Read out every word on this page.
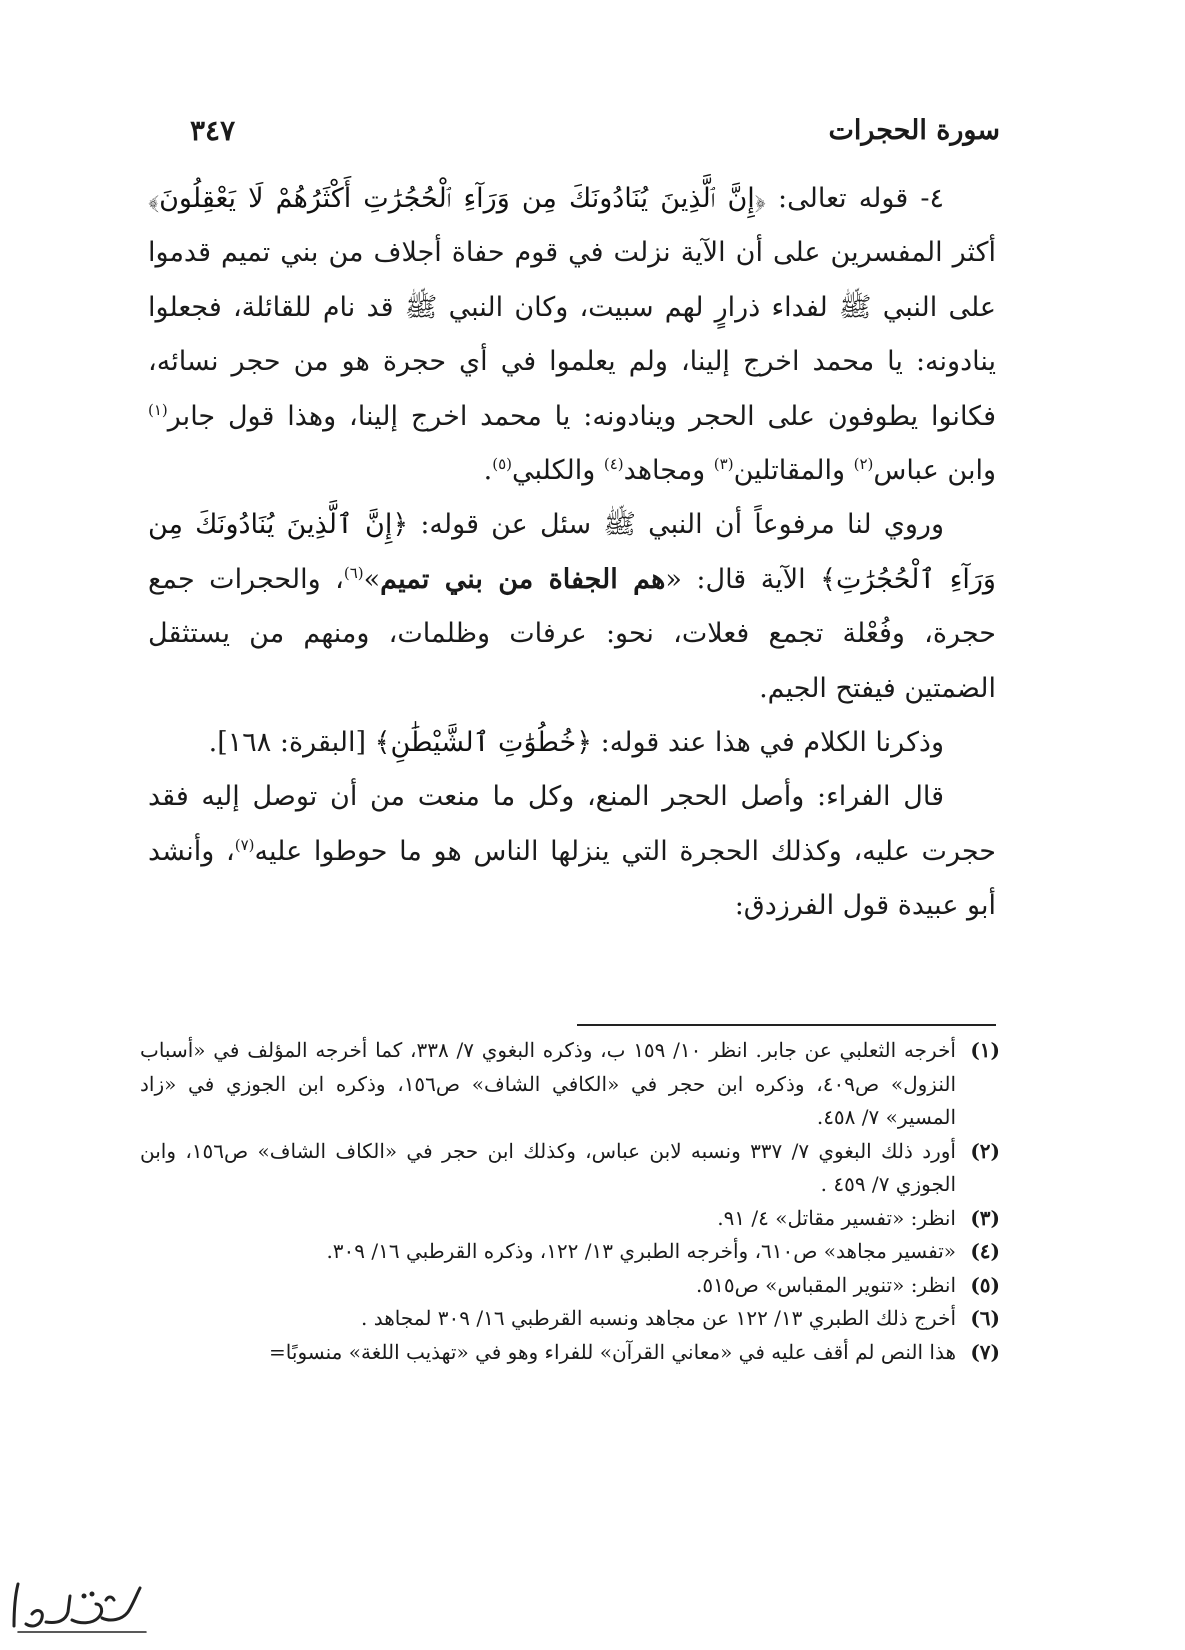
سورة الحجرات
٣٤٧

٤- قوله تعالى: ﴿إِنَّ ٱلَّذِينَ يُنَادُونَكَ مِن وَرَآءِ ٱلْحُجُرَٰتِ أَكْثَرُهُمْ لَا يَعْقِلُونَ﴾ أكثر المفسرين على أن الآية نزلت في قوم حفاة أجلاف من بني تميم قدموا على النبي ﷺ لفداء ذرارٍ لهم سبيت، وكان النبي ﷺ قد نام للقائلة، فجعلوا ينادونه: يا محمد اخرج إلينا، ولم يعلموا في أي حجرة هو من حجر نسائه، فكانوا يطوفون على الحجر وينادونه: يا محمد اخرج إلينا، وهذا قول جابر$^{(١)}$ وابن عباس$^{(٢)}$ والمقاتلين$^{(٣)}$ ومجاهد$^{(٤)}$ والكلبي$^{(٥)}$.

وروي لنا مرفوعاً أن النبي ﷺ سئل عن قوله: ﴿إِنَّ ٱلَّذِينَ يُنَادُونَكَ مِن وَرَآءِ ٱلْحُجُرَٰتِ﴾ الآية قال: «هم الجفاة من بني تميم»$^{(٦)}$، والحجرات جمع حجرة، وفُعْلة تجمع فعلات، نحو: عرفات وظلمات، ومنهم من يستثقل الضمتين فيفتح الجيم.

وذكرنا الكلام في هذا عند قوله: ﴿خُطُوَٰتِ ٱلشَّيْطَٰنِ﴾ [البقرة: ١٦٨].

قال الفراء: وأصل الحجر المنع، وكل ما منعت من أن توصل إليه فقد حجرت عليه، وكذلك الحجرة التي ينزلها الناس هو ما حوطوا عليه$^{(٧)}$، وأنشد أبو عبيدة قول الفرزدق:

(١)
أخرجه الثعلبي عن جابر. انظر ١٠/ ١٥٩ ب، وذكره البغوي ٧/ ٣٣٨، كما أخرجه المؤلف في «أسباب النزول» ص٤٠٩، وذكره ابن حجر في «الكافي الشاف» ص١٥٦، وذكره ابن الجوزي في «زاد المسير» ٧/ ٤٥٨.
(٢)
أورد ذلك البغوي ٧/ ٣٣٧ ونسبه لابن عباس، وكذلك ابن حجر في «الكاف الشاف» ص١٥٦، وابن الجوزي ٧/ ٤٥٩ .
(٣)
انظر: «تفسير مقاتل» ٤/ ٩١.
(٤)
«تفسير مجاهد» ص٦١٠، وأخرجه الطبري ١٣/ ١٢٢، وذكره القرطبي ١٦/ ٣٠٩.
(٥)
انظر: «تنوير المقباس» ص٥١٥.
(٦)
أخرج ذلك الطبري ١٣/ ١٢٢ عن مجاهد ونسبه القرطبي ١٦/ ٣٠٩ لمجاهد .
(٧)
هذا النص لم أقف عليه في «معاني القرآن» للفراء وهو في «تهذيب اللغة» منسوبًا=
